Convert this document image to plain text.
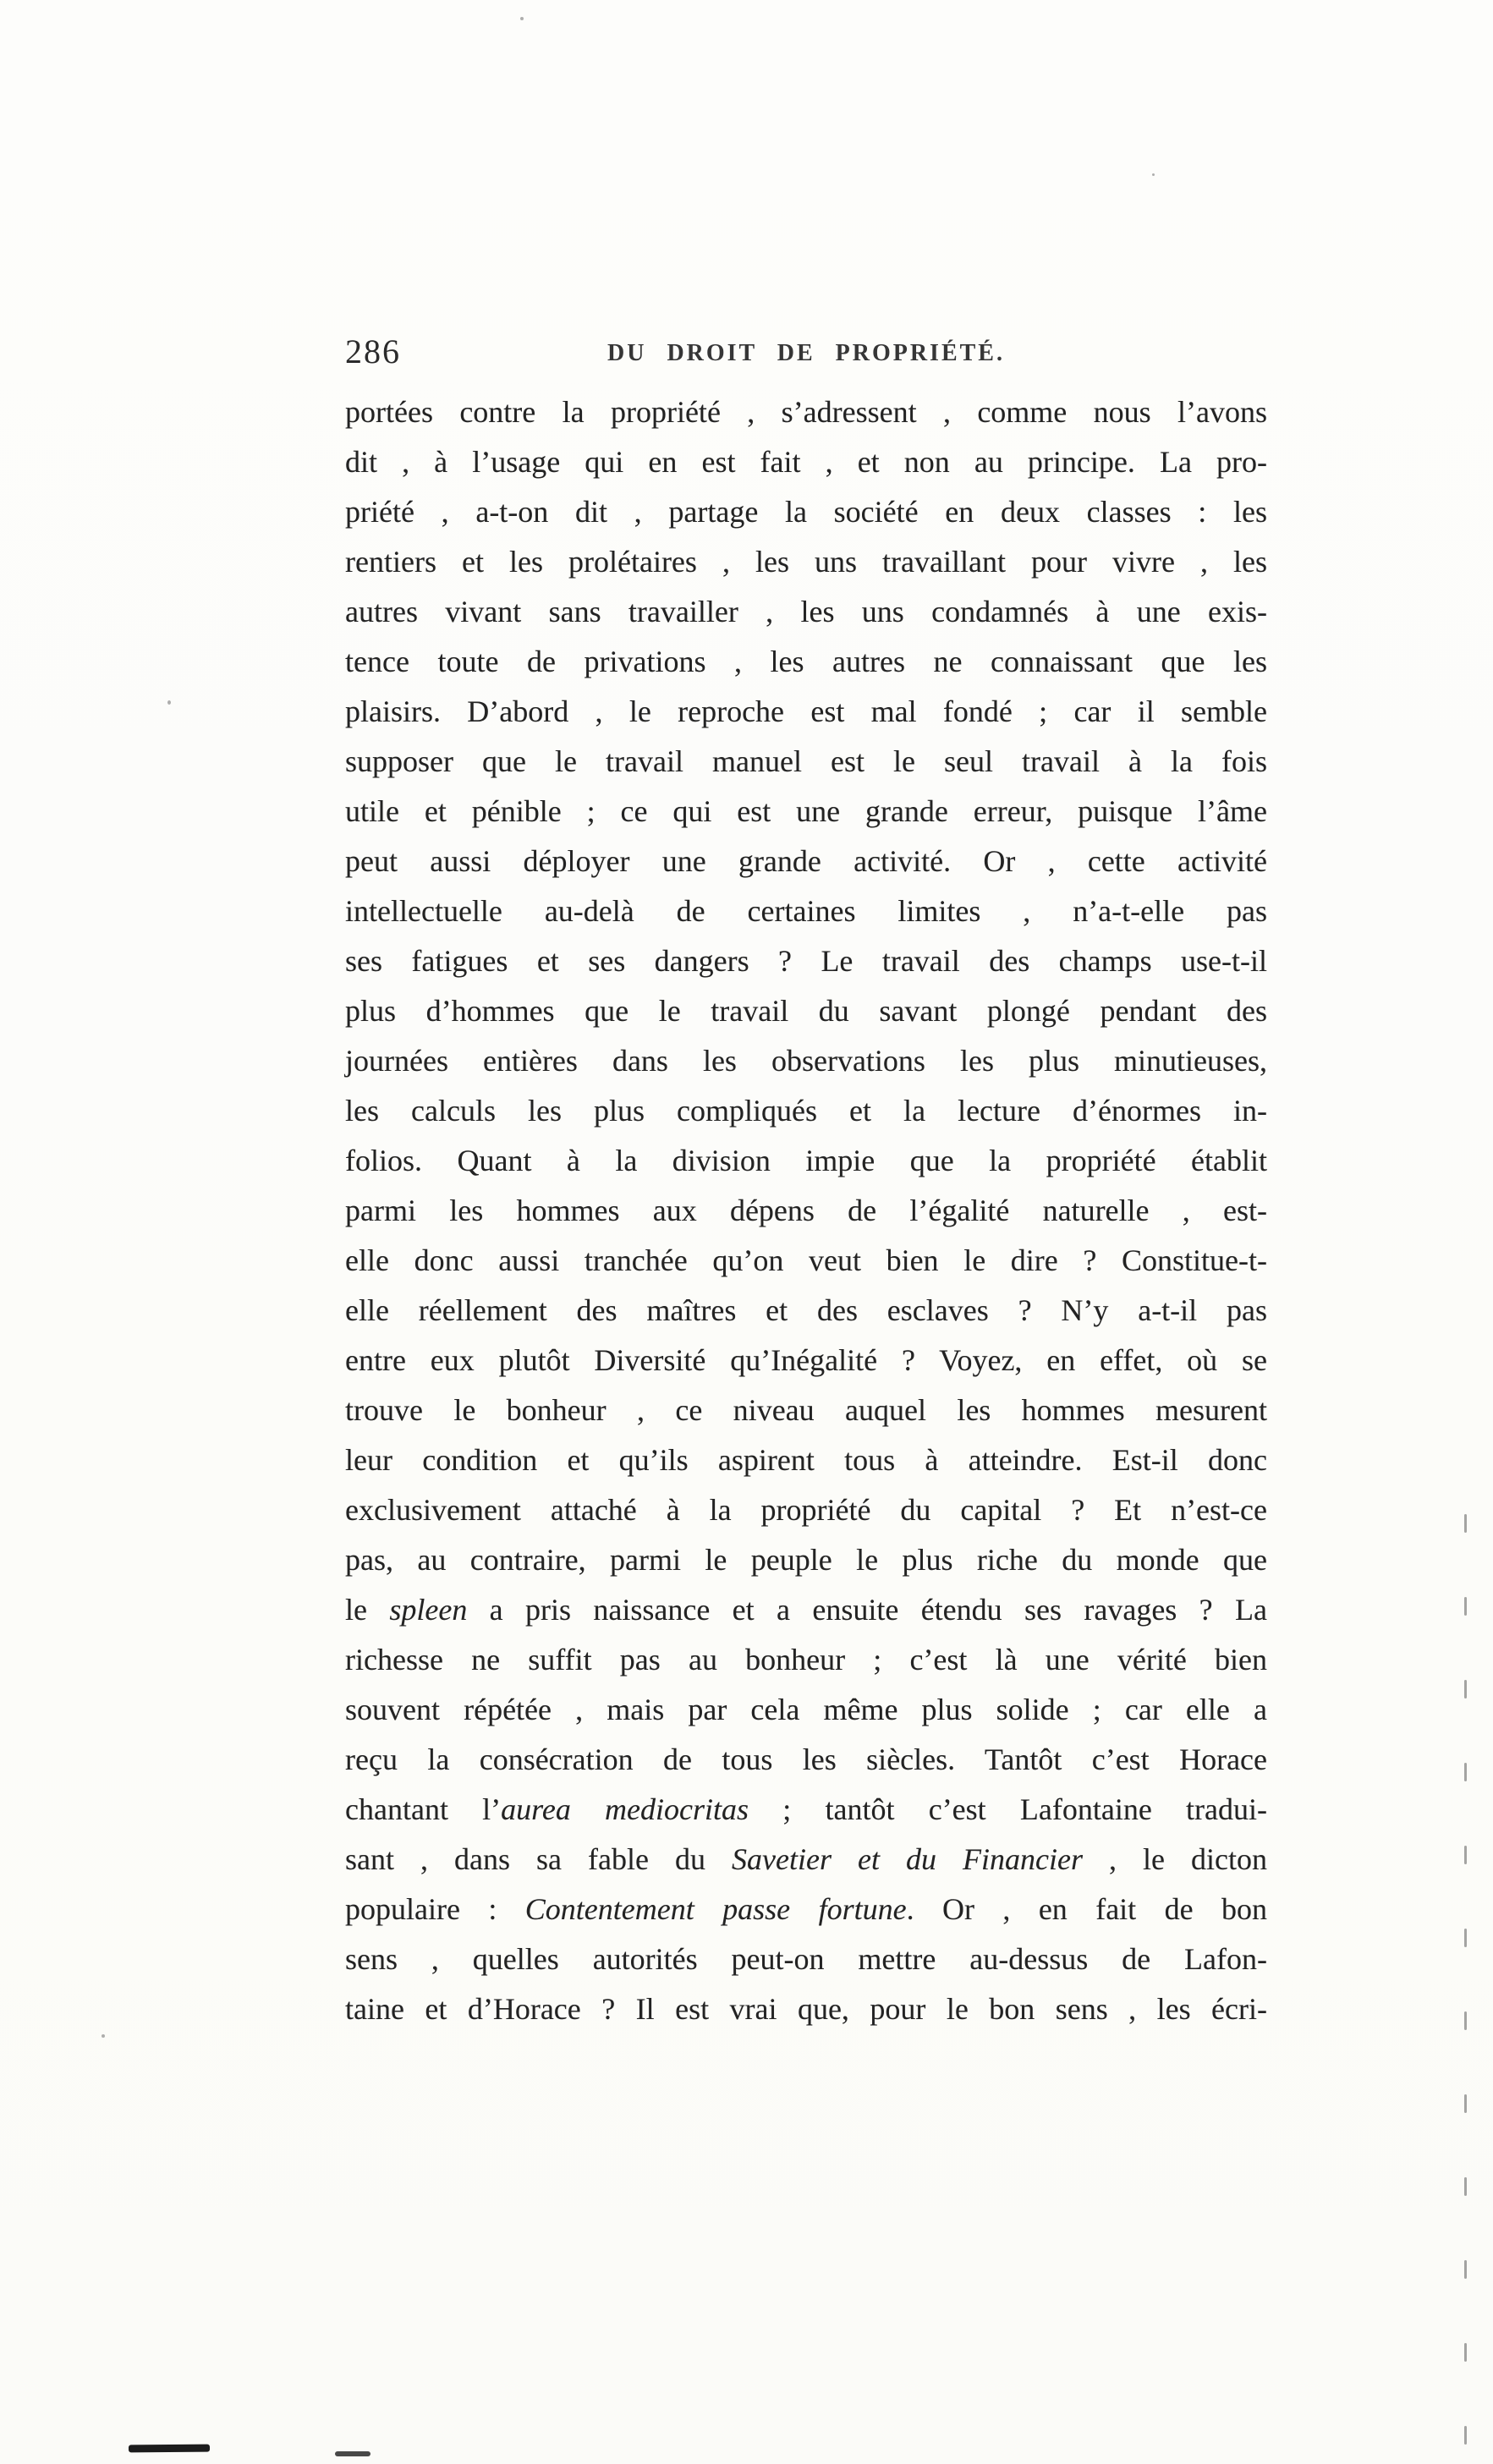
286	DU DROIT DE PROPRIÉTÉ.
portées contre la propriété , s’adressent , comme nous l’avons
dit , à l’usage qui en est fait , et non au principe. La pro-
priété , a-t-on dit , partage la société en deux classes : les
rentiers et les prolétaires , les uns travaillant pour vivre , les
autres vivant sans travailler , les uns condamnés à une exis-
tence toute de privations , les autres ne connaissant que les
plaisirs. D’abord , le reproche est mal fondé ; car il semble
supposer que le travail manuel est le seul travail à la fois
utile et pénible ; ce qui est une grande erreur, puisque l’âme
peut aussi déployer une grande activité. Or , cette activité
intellectuelle au-delà de certaines limites , n’a-t-elle pas
ses fatigues et ses dangers ? Le travail des champs use-t-il
plus d’hommes que le travail du savant plongé pendant des
journées entières dans les observations les plus minutieuses,
les calculs les plus compliqués et la lecture d’énormes in-
folios. Quant à la division impie que la propriété établit
parmi les hommes aux dépens de l’égalité naturelle , est-
elle donc aussi tranchée qu’on veut bien le dire ? Constitue-t-
elle réellement des maîtres et des esclaves ? N’y a-t-il pas
entre eux plutôt Diversité qu’Inégalité ? Voyez, en effet, où se
trouve le bonheur , ce niveau auquel les hommes mesurent
leur condition et qu’ils aspirent tous à atteindre. Est-il donc
exclusivement attaché à la propriété du capital ? Et n’est-ce
pas, au contraire, parmi le peuple le plus riche du monde que
le spleen a pris naissance et a ensuite étendu ses ravages ? La
richesse ne suffit pas au bonheur ; c’est là une vérité bien
souvent répétée , mais par cela même plus solide ; car elle a
reçu la consécration de tous les siècles. Tantôt c’est Horace
chantant l’aurea mediocritas ; tantôt c’est Lafontaine tradui-
sant , dans sa fable du Savetier et du Financier , le dicton
populaire : Contentement passe fortune. Or , en fait de bon
sens , quelles autorités peut-on mettre au-dessus de Lafon-
taine et d’Horace ? Il est vrai que, pour le bon sens , les écri-
